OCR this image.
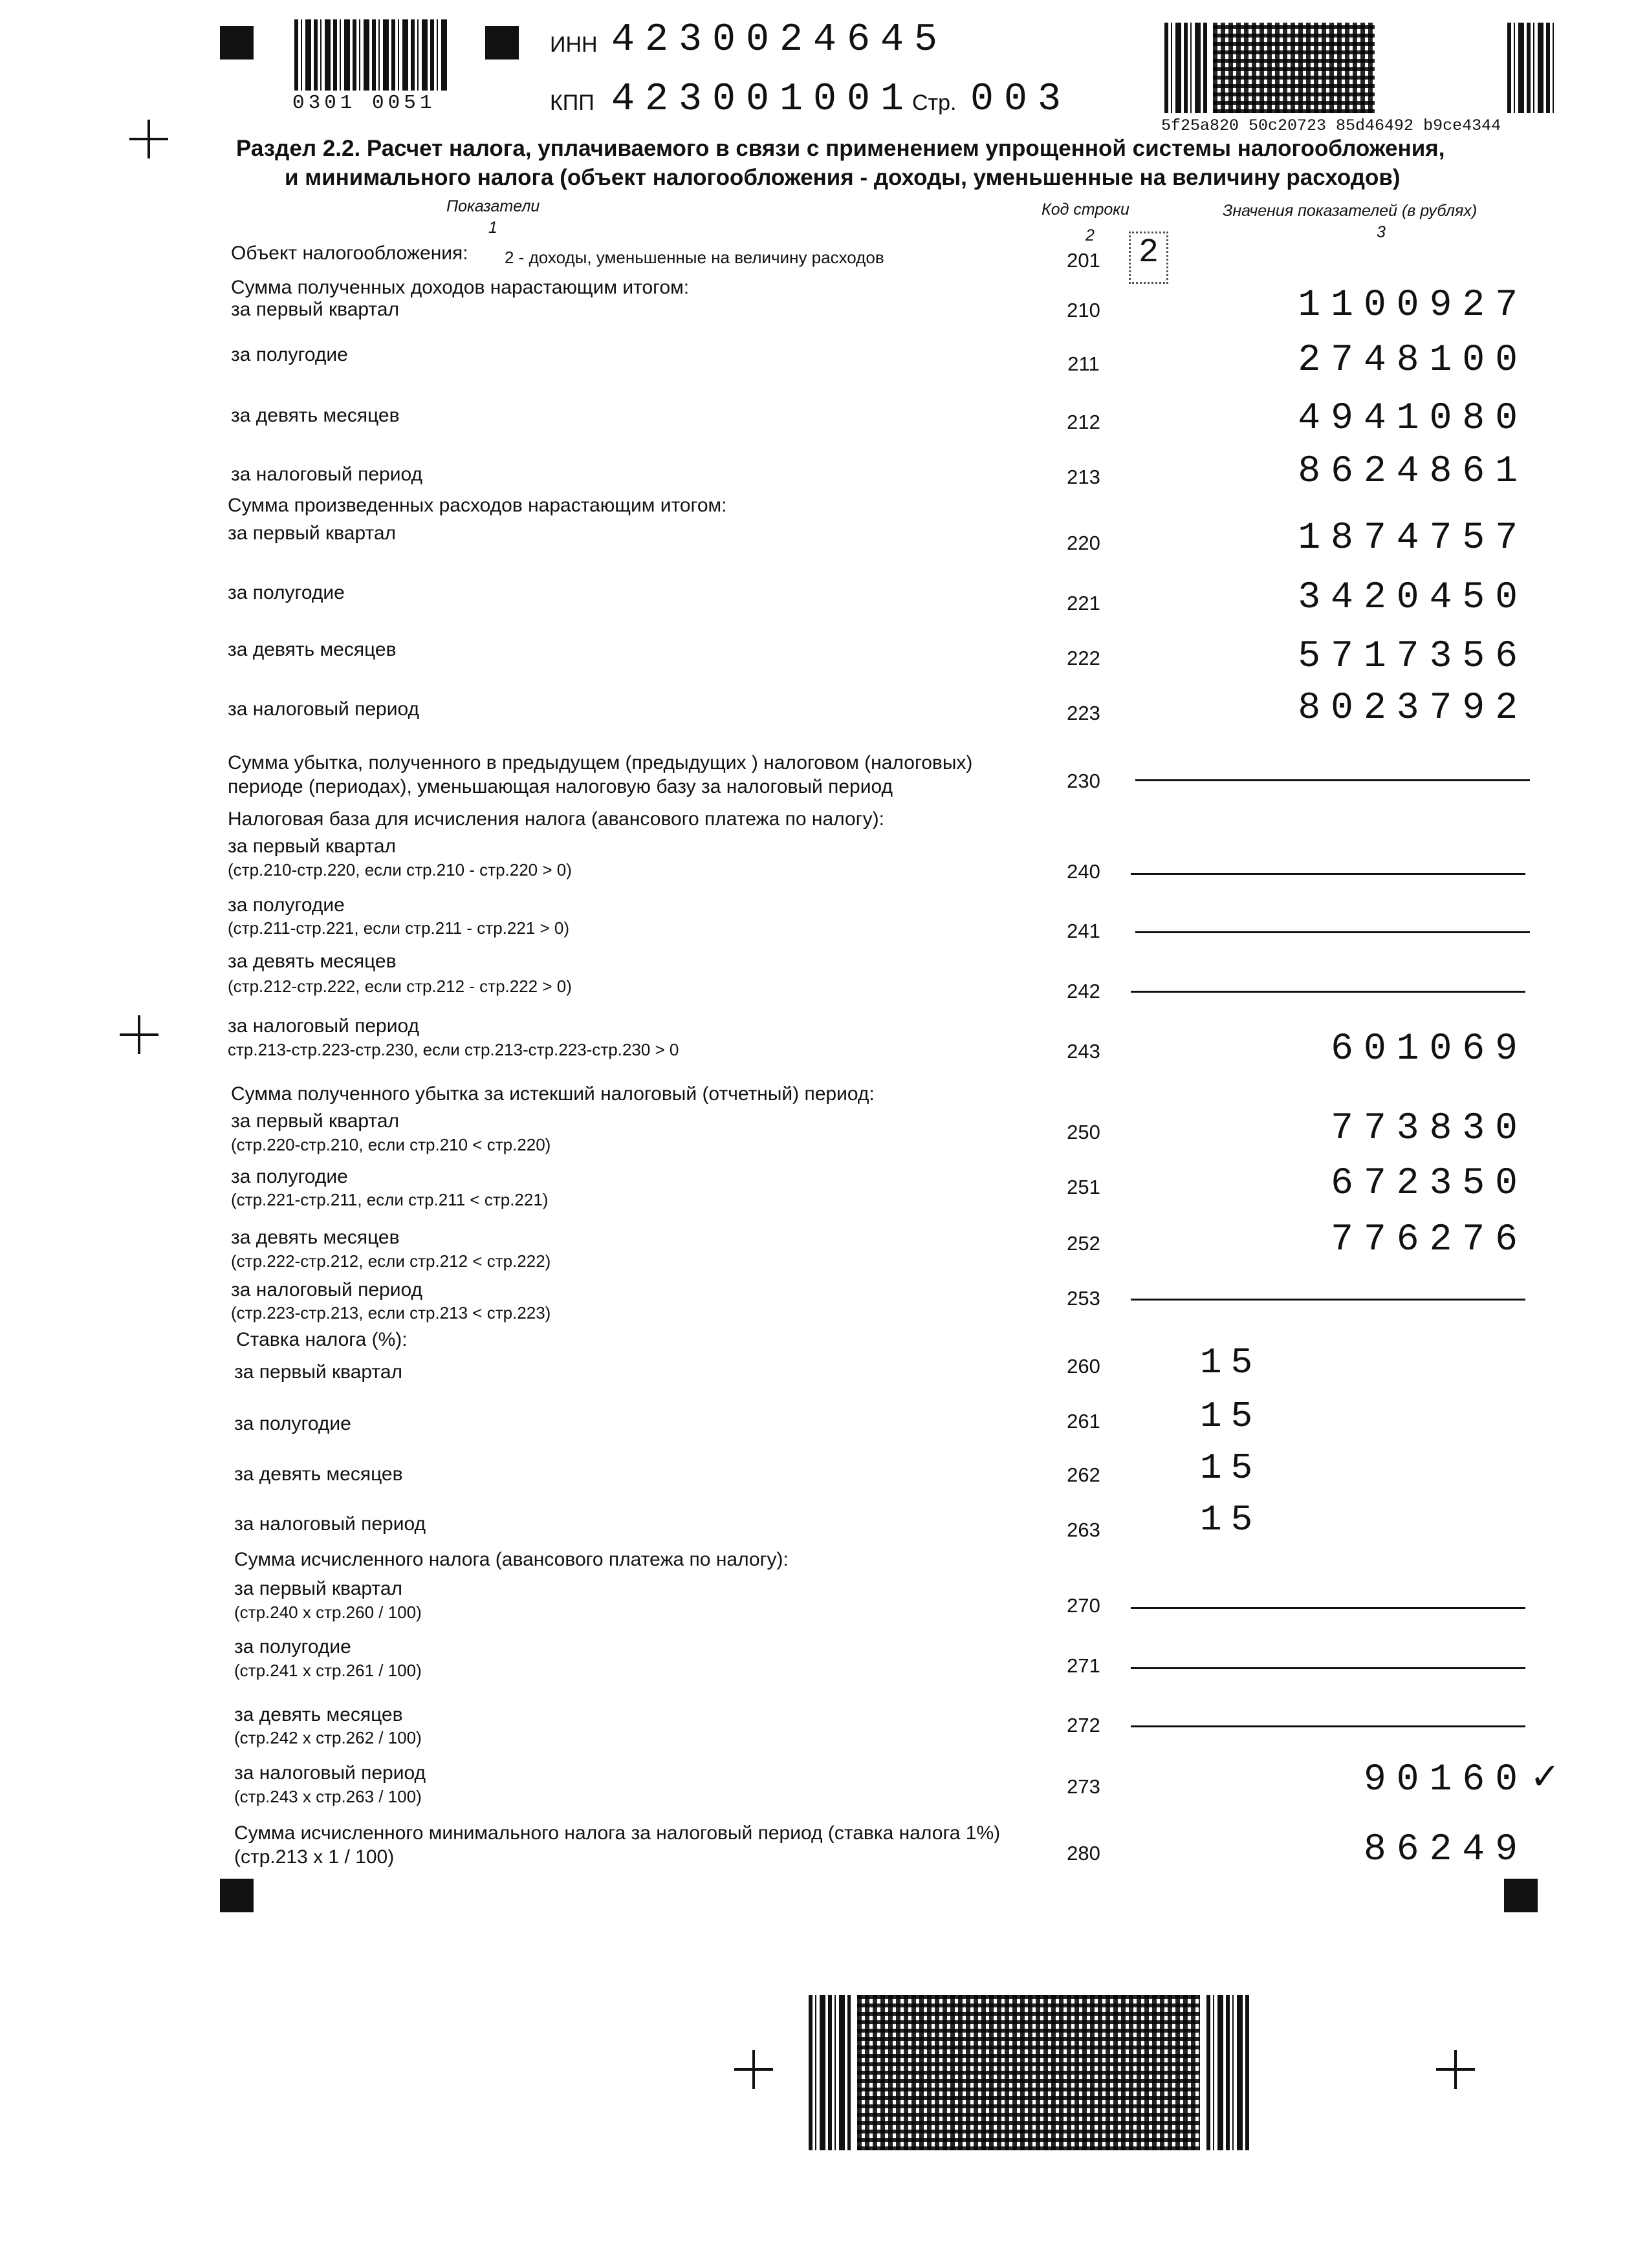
0301 0051
ИНН 4230024645
КПП 423001001
Стр. 003
5f25a820 50c20723 85d46492 b9ce4344
Раздел 2.2. Расчет налога, уплачиваемого в связи с применением упрощенной системы налогообложения,
и минимального налога (объект налогообложения - доходы, уменьшенные на величину расходов)
Показатели
1
Код строки
2
Значения показателей (в рублях)
3
Объект налогообложения: 2 - доходы, уменьшенные на величину расходов	201 2
Сумма полученных доходов нарастающим итогом:
за первый квартал	210	1100927
за полугодие	211	2748100
за девять месяцев	212	4941080
за налоговый период	213	8624861
Сумма произведенных расходов нарастающим итогом:
за первый квартал	220	1874757
за полугодие	221	3420450
за девять месяцев	222	5717356
за налоговый период	223	8023792
Сумма убытка, полученного в предыдущем (предыдущих ) налоговом (налоговых)
периоде (периодах), уменьшающая налоговую базу за налоговый период	230
Налоговая база для исчисления налога (авансового платежа по налогу):
за первый квартал
(стр.210-стр.220, если стр.210 - стр.220 > 0)	240
за полугодие
(стр.211-стр.221, если стр.211 - стр.221 > 0)	241
за девять месяцев
(стр.212-стр.222, если стр.212 - стр.222 > 0)	242
за налоговый период
стр.213-стр.223-стр.230, если стр.213-стр.223-стр.230 > 0	243	601069
Сумма полученного убытка за истекший налоговый (отчетный) период:
за первый квартал
(стр.220-стр.210, если стр.210 < стр.220)
250	773830
за полугодие
(стр.221-стр.211, если стр.211 < стр.221)
251	672350
за девять месяцев
(стр.222-стр.212, если стр.212 < стр.222)
252	776276
за налоговый период
(стр.223-стр.213, если стр.213 < стр.223)
253
Ставка налога (%):
за первый квартал	260	15
за полугодие	261	15
за девять месяцев	262	15
за налоговый период	263	15
Сумма исчисленного налога (авансового платежа по налогу):
за первый квартал
(стр.240 х стр.260 / 100)	270
за полугодие
(стр.241 х стр.261 / 100)	271
за девять месяцев
(стр.242 х стр.262 / 100)
272
за налоговый период
(стр.243 х стр.263 / 100)	273	90160 ✓
Сумма исчисленного минимального налога за налоговый период (ставка налога 1%)
(стр.213 х 1 / 100)	280	86249
